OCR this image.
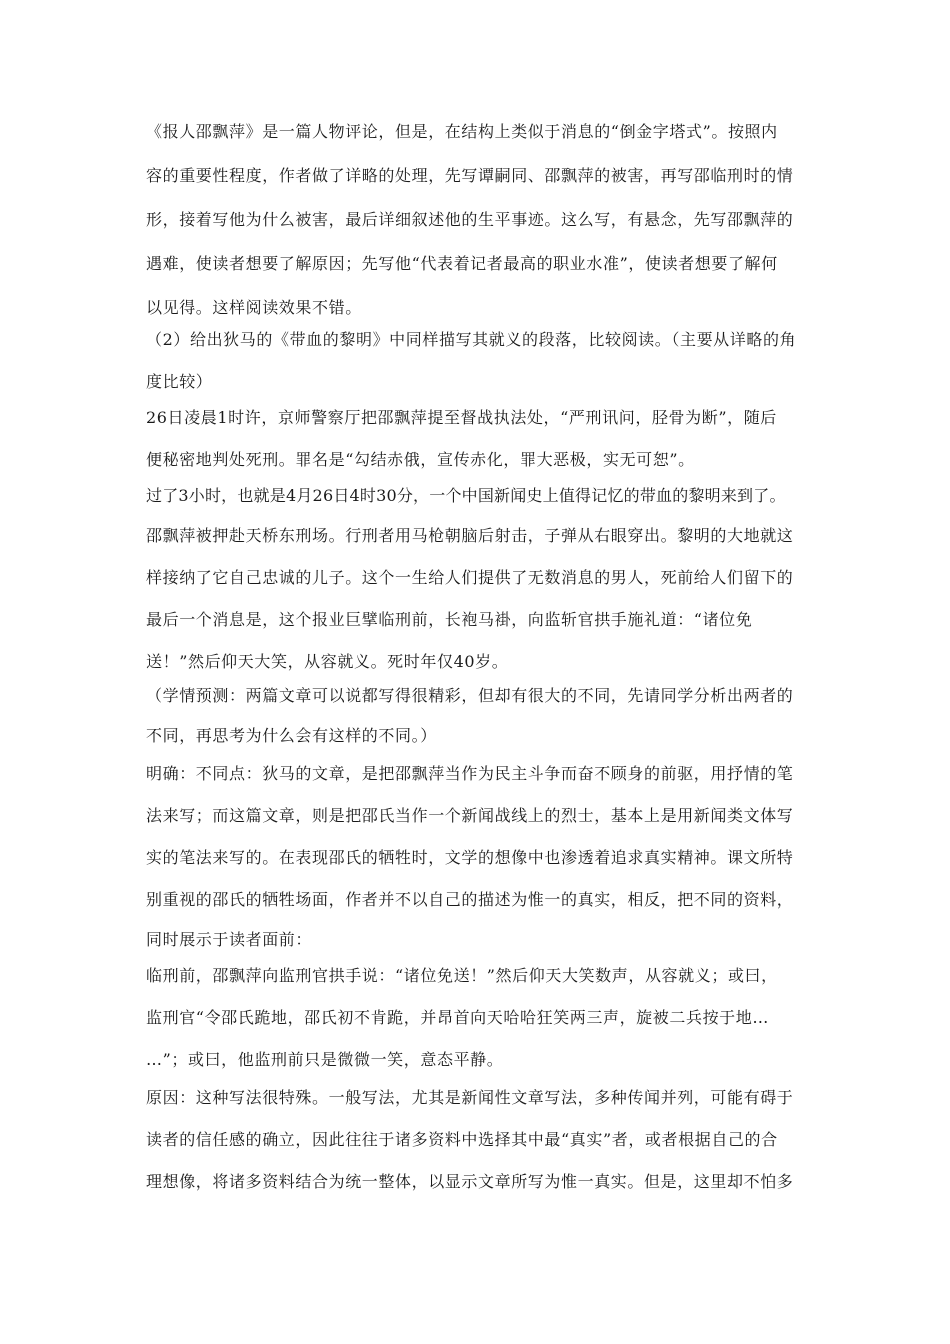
《报人邵飘萍》是一篇人物评论，但是，在结构上类似于消息的“倒金字塔式”。按照内
容的重要性程度，作者做了详略的处理，先写谭嗣同、邵飘萍的被害，再写邵临刑时的情
形，接着写他为什么被害，最后详细叙述他的生平事迹。这么写，有悬念，先写邵飘萍的
遇难，使读者想要了解原因；先写他“代表着记者最高的职业水准”，使读者想要了解何
以见得。这样阅读效果不错。
（2）给出狄马的《带血的黎明》中同样描写其就义的段落，比较阅读。（主要从详略的角
度比较）
26日凌晨1时许，京师警察厅把邵飘萍提至督战执法处，“严刑讯问，胫骨为断”，随后
便秘密地判处死刑。罪名是“勾结赤俄，宣传赤化，罪大恶极，实无可恕”。
过了3小时，也就是4月26日4时30分，一个中国新闻史上值得记忆的带血的黎明来到了。
邵飘萍被押赴天桥东刑场。行刑者用马枪朝脑后射击，子弹从右眼穿出。黎明的大地就这
样接纳了它自己忠诚的儿子。这个一生给人们提供了无数消息的男人，死前给人们留下的
最后一个消息是，这个报业巨擘临刑前，长袍马褂，向监斩官拱手施礼道：“诸位免
送！”然后仰天大笑，从容就义。死时年仅40岁。
（学情预测：两篇文章可以说都写得很精彩，但却有很大的不同，先请同学分析出两者的
不同，再思考为什么会有这样的不同。）
明确：不同点：狄马的文章，是把邵飘萍当作为民主斗争而奋不顾身的前驱，用抒情的笔
法来写；而这篇文章，则是把邵氏当作一个新闻战线上的烈士，基本上是用新闻类文体写
实的笔法来写的。在表现邵氏的牺牲时，文学的想像中也渗透着追求真实精神。课文所特
别重视的邵氏的牺牲场面，作者并不以自己的描述为惟一的真实，相反，把不同的资料，
同时展示于读者面前：
临刑前，邵飘萍向监刑官拱手说：“诸位免送！”然后仰天大笑数声，从容就义；或曰，
监刑官“令邵氏跪地，邵氏初不肯跪，并昂首向天哈哈狂笑两三声，旋被二兵按于地…
…”；或曰，他监刑前只是微微一笑，意态平静。
原因：这种写法很特殊。一般写法，尤其是新闻性文章写法，多种传闻并列，可能有碍于
读者的信任感的确立，因此往往于诸多资料中选择其中最“真实”者，或者根据自己的合
理想像，将诸多资料结合为统一整体，以显示文章所写为惟一真实。但是，这里却不怕多
